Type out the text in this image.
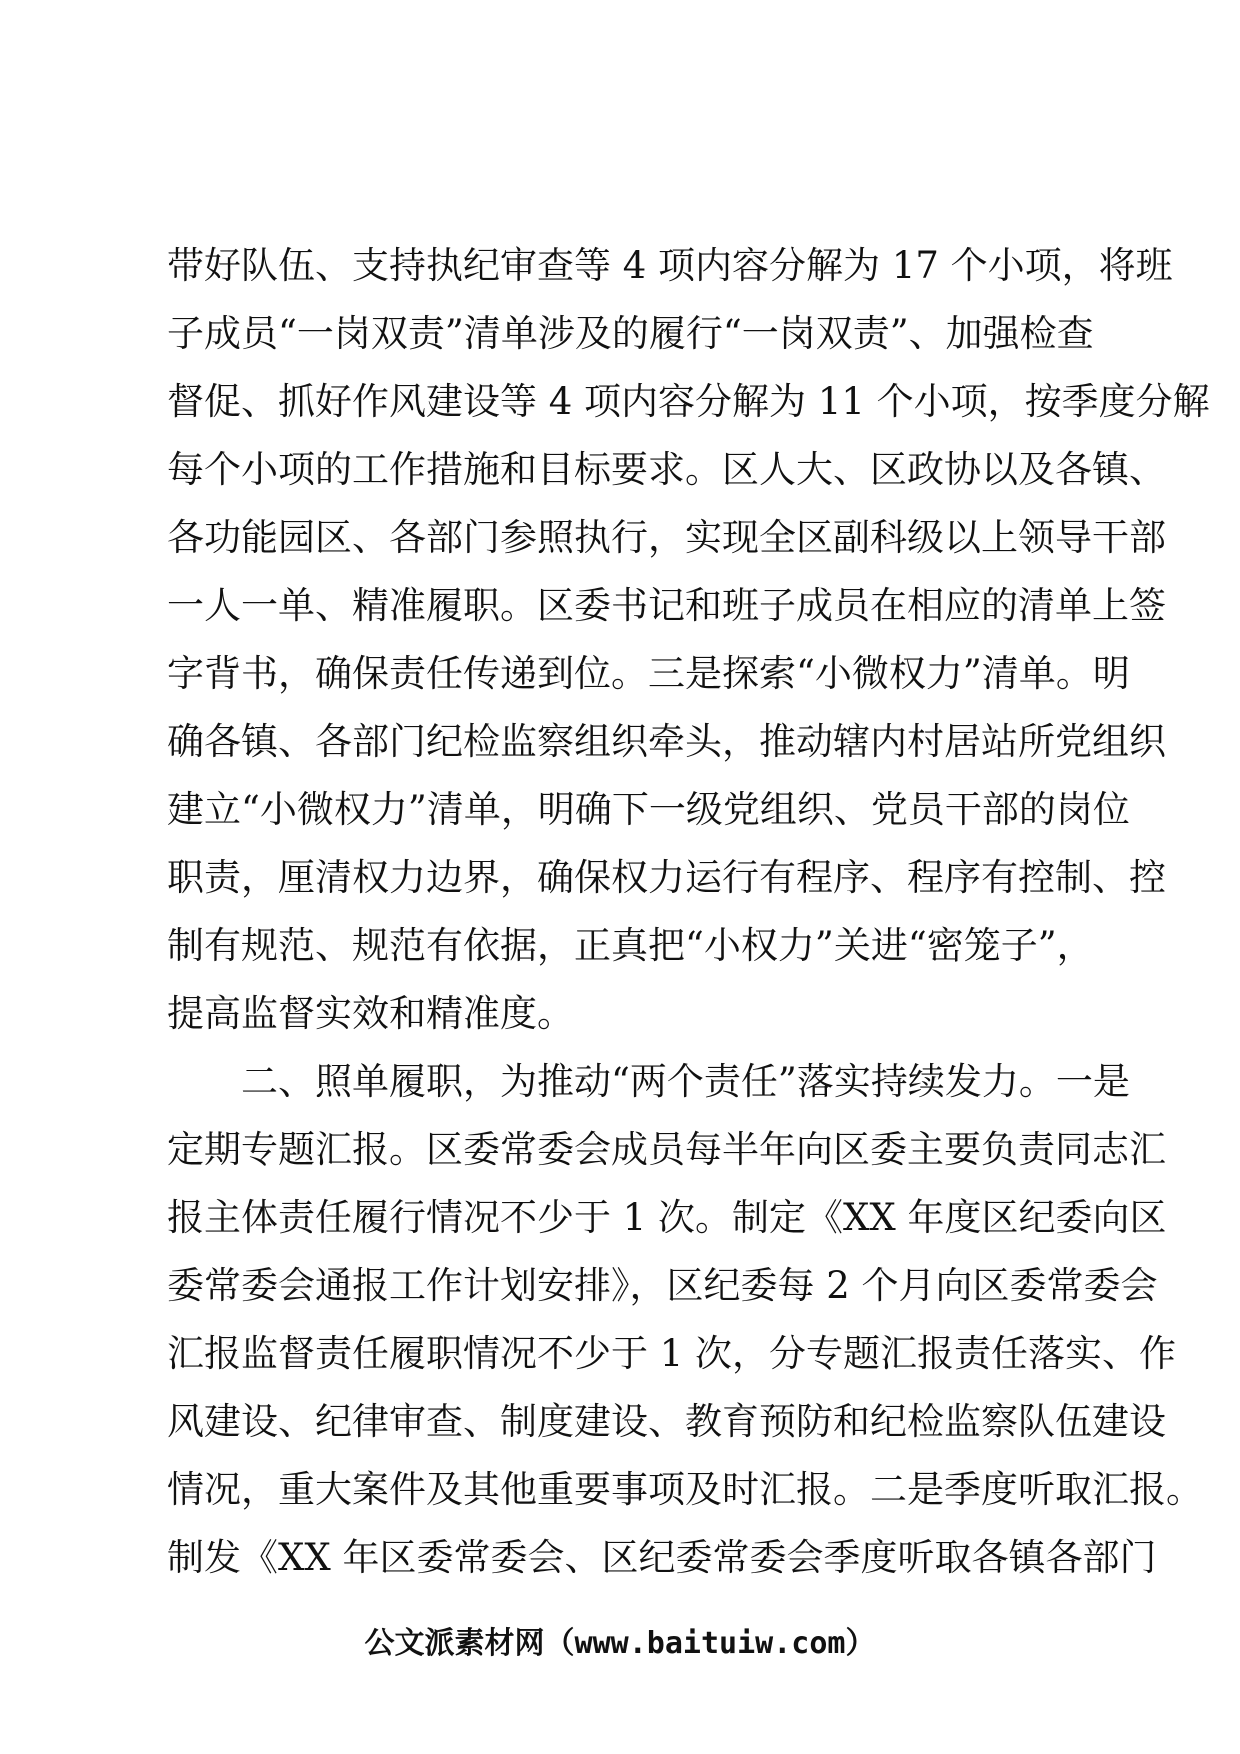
带好队伍、支持执纪审查等 4 项内容分解为 17 个小项，将班
子成员“一岗双责”清单涉及的履行“一岗双责”、加强检查
督促、抓好作风建设等 4 项内容分解为 11 个小项，按季度分解
每个小项的工作措施和目标要求。区人大、区政协以及各镇、
各功能园区、各部门参照执行，实现全区副科级以上领导干部
一人一单、精准履职。区委书记和班子成员在相应的清单上签
字背书，确保责任传递到位。三是探索“小微权力”清单。明
确各镇、各部门纪检监察组织牵头，推动辖内村居站所党组织
建立“小微权力”清单，明确下一级党组织、党员干部的岗位
职责，厘清权力边界，确保权力运行有程序、程序有控制、控
制有规范、规范有依据，正真把“小权力”关进“密笼子”，
提高监督实效和精准度。
　　二、照单履职，为推动“两个责任”落实持续发力。一是
定期专题汇报。区委常委会成员每半年向区委主要负责同志汇
报主体责任履行情况不少于 1 次。制定《XX 年度区纪委向区
委常委会通报工作计划安排》，区纪委每 2 个月向区委常委会
汇报监督责任履职情况不少于 1 次，分专题汇报责任落实、作
风建设、纪律审查、制度建设、教育预防和纪检监察队伍建设
情况，重大案件及其他重要事项及时汇报。二是季度听取汇报。
制发《XX 年区委常委会、区纪委常委会季度听取各镇各部门
公文派素材网（www.baituiw.com）
